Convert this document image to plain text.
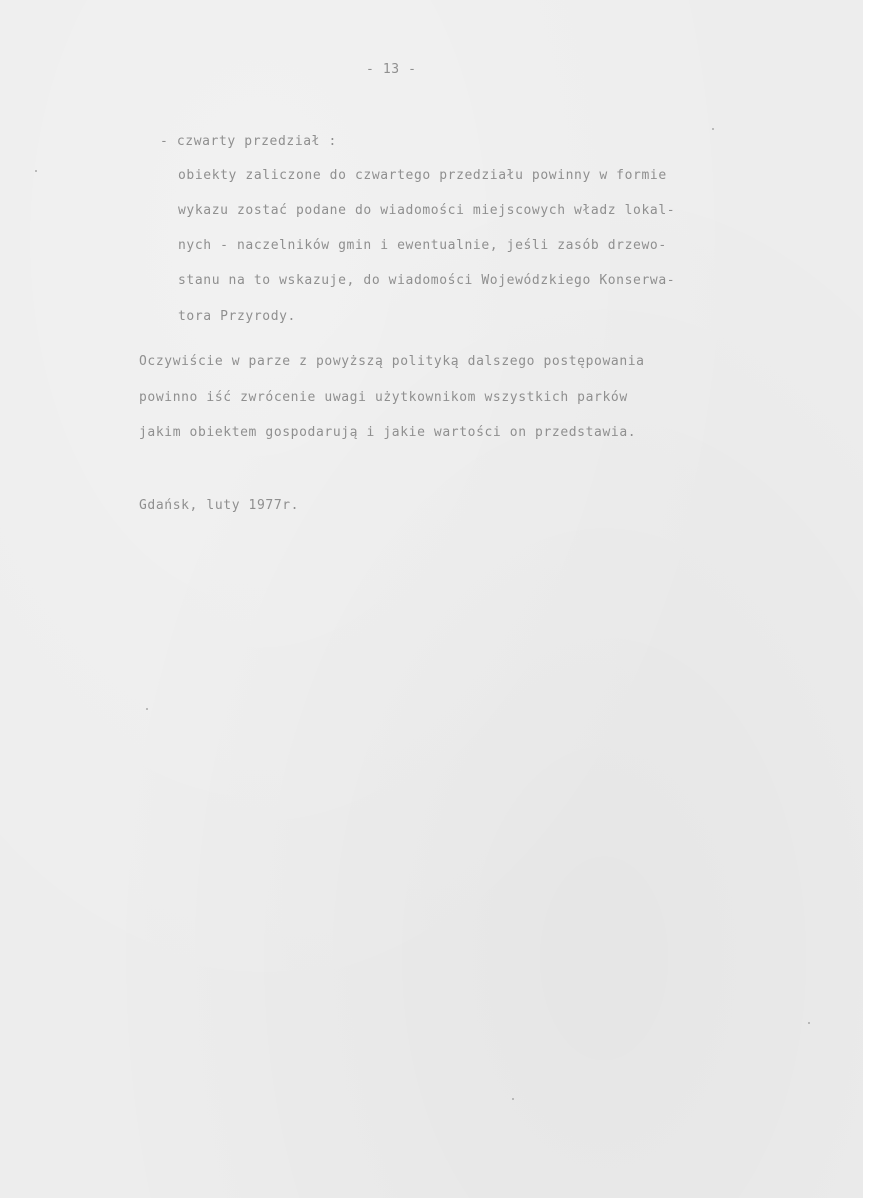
- 13 -
- czwarty przedział :
obiekty zaliczone do czwartego przedziału powinny w formie
wykazu zostać podane do wiadomości miejscowych władz lokal-
nych - naczelników gmin i ewentualnie, jeśli zasób drzewo-
stanu na to wskazuje, do wiadomości Wojewódzkiego Konserwa-
tora Przyrody.
Oczywiście w parze z powyższą polityką dalszego postępowania
powinno iść zwrócenie uwagi użytkownikom wszystkich parków
jakim obiektem gospodarują i jakie wartości on przedstawia.
Gdańsk, luty 1977r.
